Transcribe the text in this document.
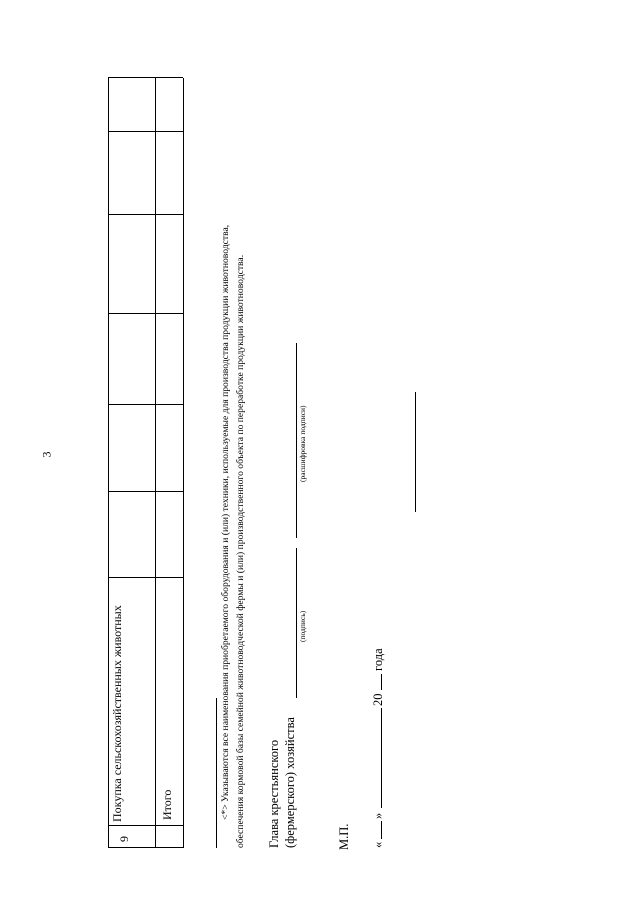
3
9
Покупка сельскохозяйственных животных	Итого	<*> Указываются все наименования приобретаемого оборудования и (или) техники, используемые для производства продукции животноводства, обеспечения кормовой базы семейной животноводческой фермы и (или) производственного объекта по переработке продукции животноводства. Глава крестьянского (фермерского) хозяйства
(подпись)
(расшифровка подписи)
М.П. «
»
20
года
